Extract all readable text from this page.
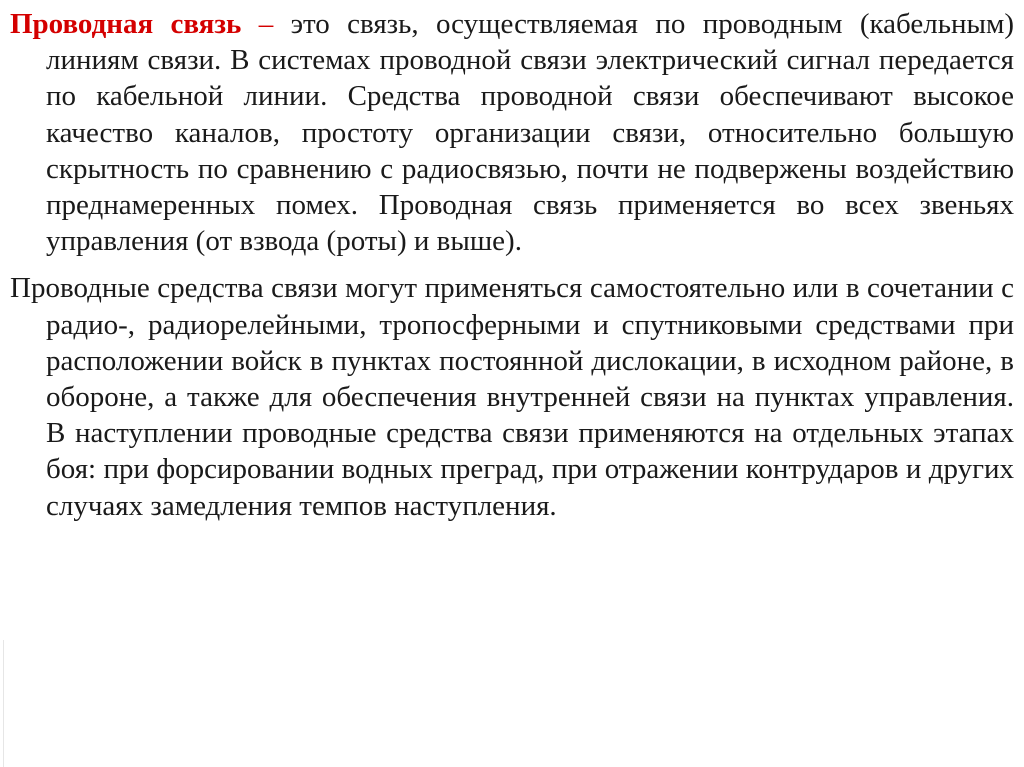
Проводная связь – это связь, осуществляемая по проводным (кабельным) линиям связи. В системах проводной связи электрический сигнал передается по кабельной линии. Средства проводной связи обеспечивают высокое качество каналов, простоту организации связи, относительно большую скрытность по сравнению с радиосвязью, почти не подвержены воздействию преднамеренных помех. Проводная связь применяется во всех звеньях управления (от взвода (роты) и выше).

Проводные средства связи могут применяться самостоятельно или в сочетании с радио-, радиорелейными, тропосферными и спутниковыми средствами при расположении войск в пунктах постоянной дислокации, в исходном районе, в обороне, а также для обеспечения внутренней связи на пунктах управления. В наступлении проводные средства связи применяются на отдельных этапах боя: при форсировании водных преград, при отражении контрударов и других случаях замедления темпов наступления.
